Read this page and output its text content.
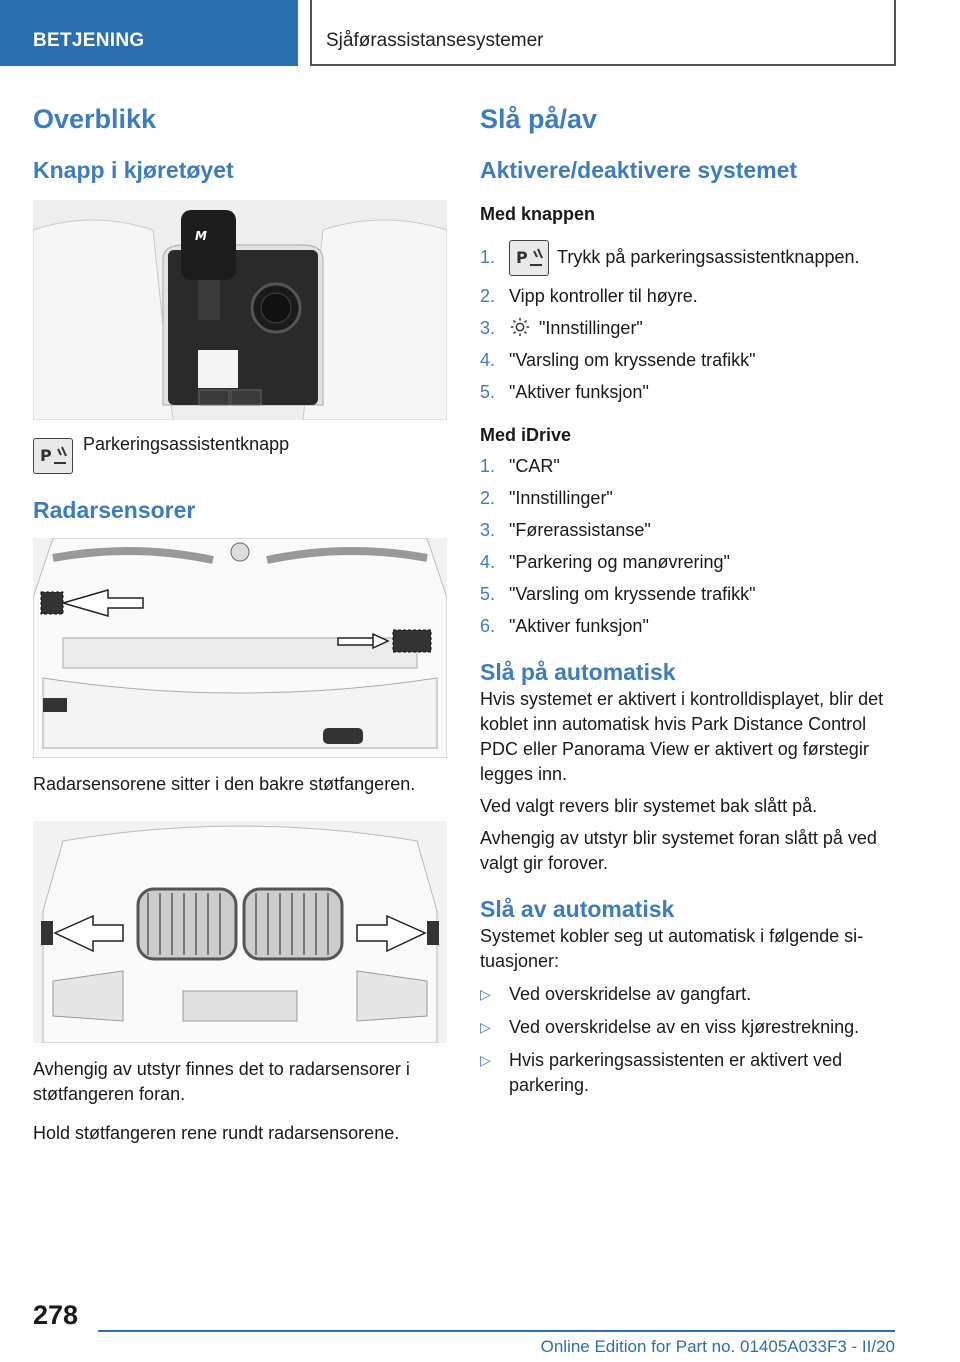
BETJENING	Sjåførassistansesystemer
Overblikk
Knapp i kjøretøyet
M
P

Parkeringsassistentknapp

Radarsensorer

Radarsensorene sitter i den bakre støtfangeren.

Avhengig av utstyr finnes det to radarsensorer i støtfangeren foran.

Hold støtfangeren rene rundt radarsensorene.

Slå på/av
Aktivere/deaktivere systemet
Med knappen
1. P Trykk på parkeringsassistentknappen.
2. Vipp kontroller til høyre.
3. "Innstillinger"
4. "Varsling om kryssende trafikk"
5. "Aktiver funksjon"
Med iDrive
1. "CAR"
2. "Innstillinger"
3. "Førerassistanse"
4. "Parkering og manøvrering"
5. "Varsling om kryssende trafikk"
6. "Aktiver funksjon"
Slå på automatisk

Hvis systemet er aktivert i kontrolldisplayet, blir det koblet inn automatisk hvis Park Distance Control PDC eller Panorama View er aktivert og førstegir legges inn.

Ved valgt revers blir systemet bak slått på.

Avhengig av utstyr blir systemet foran slått på ved valgt gir forover.

Slå av automatisk

Systemet kobler seg ut automatisk i følgende situasjoner:

▷ Ved overskridelse av gangfart.
▷ Ved overskridelse av en viss kjørestrekning.
▷ Hvis parkeringsassistenten er aktivert ved parkering.
278
Online Edition for Part no. 01405A033F3 - II/20
